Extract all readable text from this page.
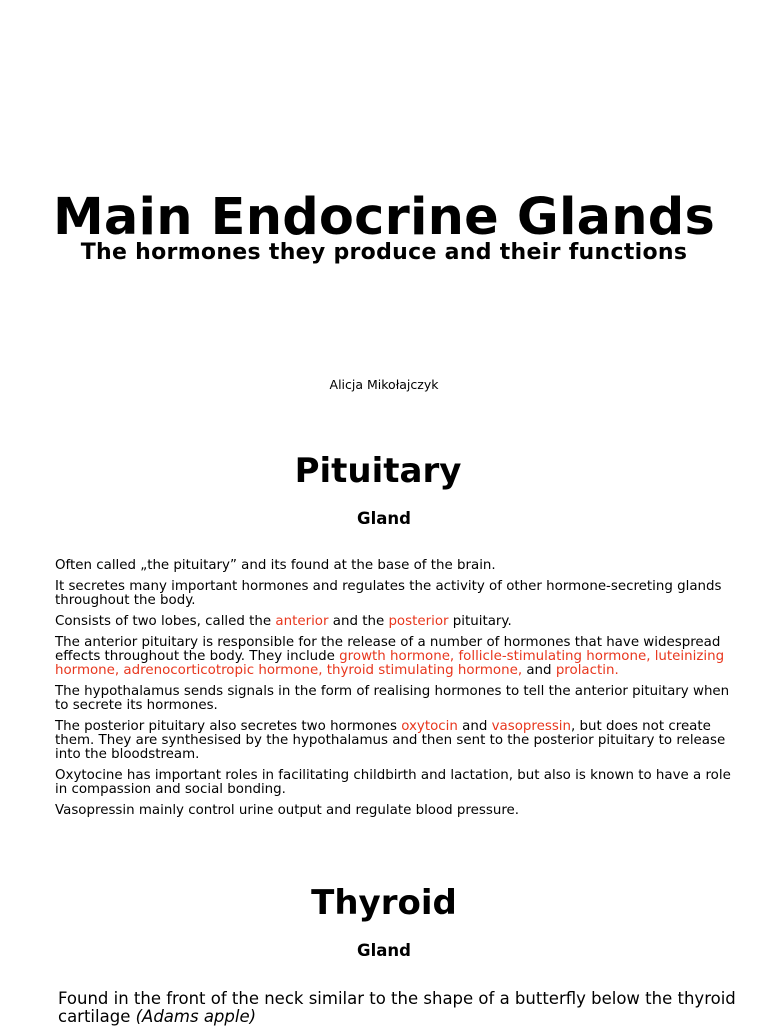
Main Endocrine Glands
The hormones they produce and their functions
Alicja Mikołajczyk
Pituitary
Gland

Often called „the pituitary” and its found at the base of the brain.

It secretes many important hormones and regulates the activity of other hormone-secreting glands throughout the body.

Consists of two lobes, called the anterior and the posterior pituitary.

The anterior pituitary is responsible for the release of a number of hormones that have widespread effects throughout the body. They include growth hormone, follicle-stimulating hormone, luteinizing hormone, adrenocorticotropic hormone, thyroid stimulating hormone, and prolactin.

The hypothalamus sends signals in the form of realising hormones to tell the anterior pituitary when to secrete its hormones.

The posterior pituitary also secretes two hormones oxytocin and vasopressin, but does not create them. They are synthesised by the hypothalamus and then sent to the posterior pituitary to release into the bloodstream.

Oxytocine has important roles in facilitating childbirth and lactation, but also is known to have a role in compassion and social bonding.

Vasopressin mainly control urine output and regulate blood pressure.

Thyroid
Gland

Found in the front of the neck similar to the shape of a butterfly below the thyroid cartilage (Adams apple)
